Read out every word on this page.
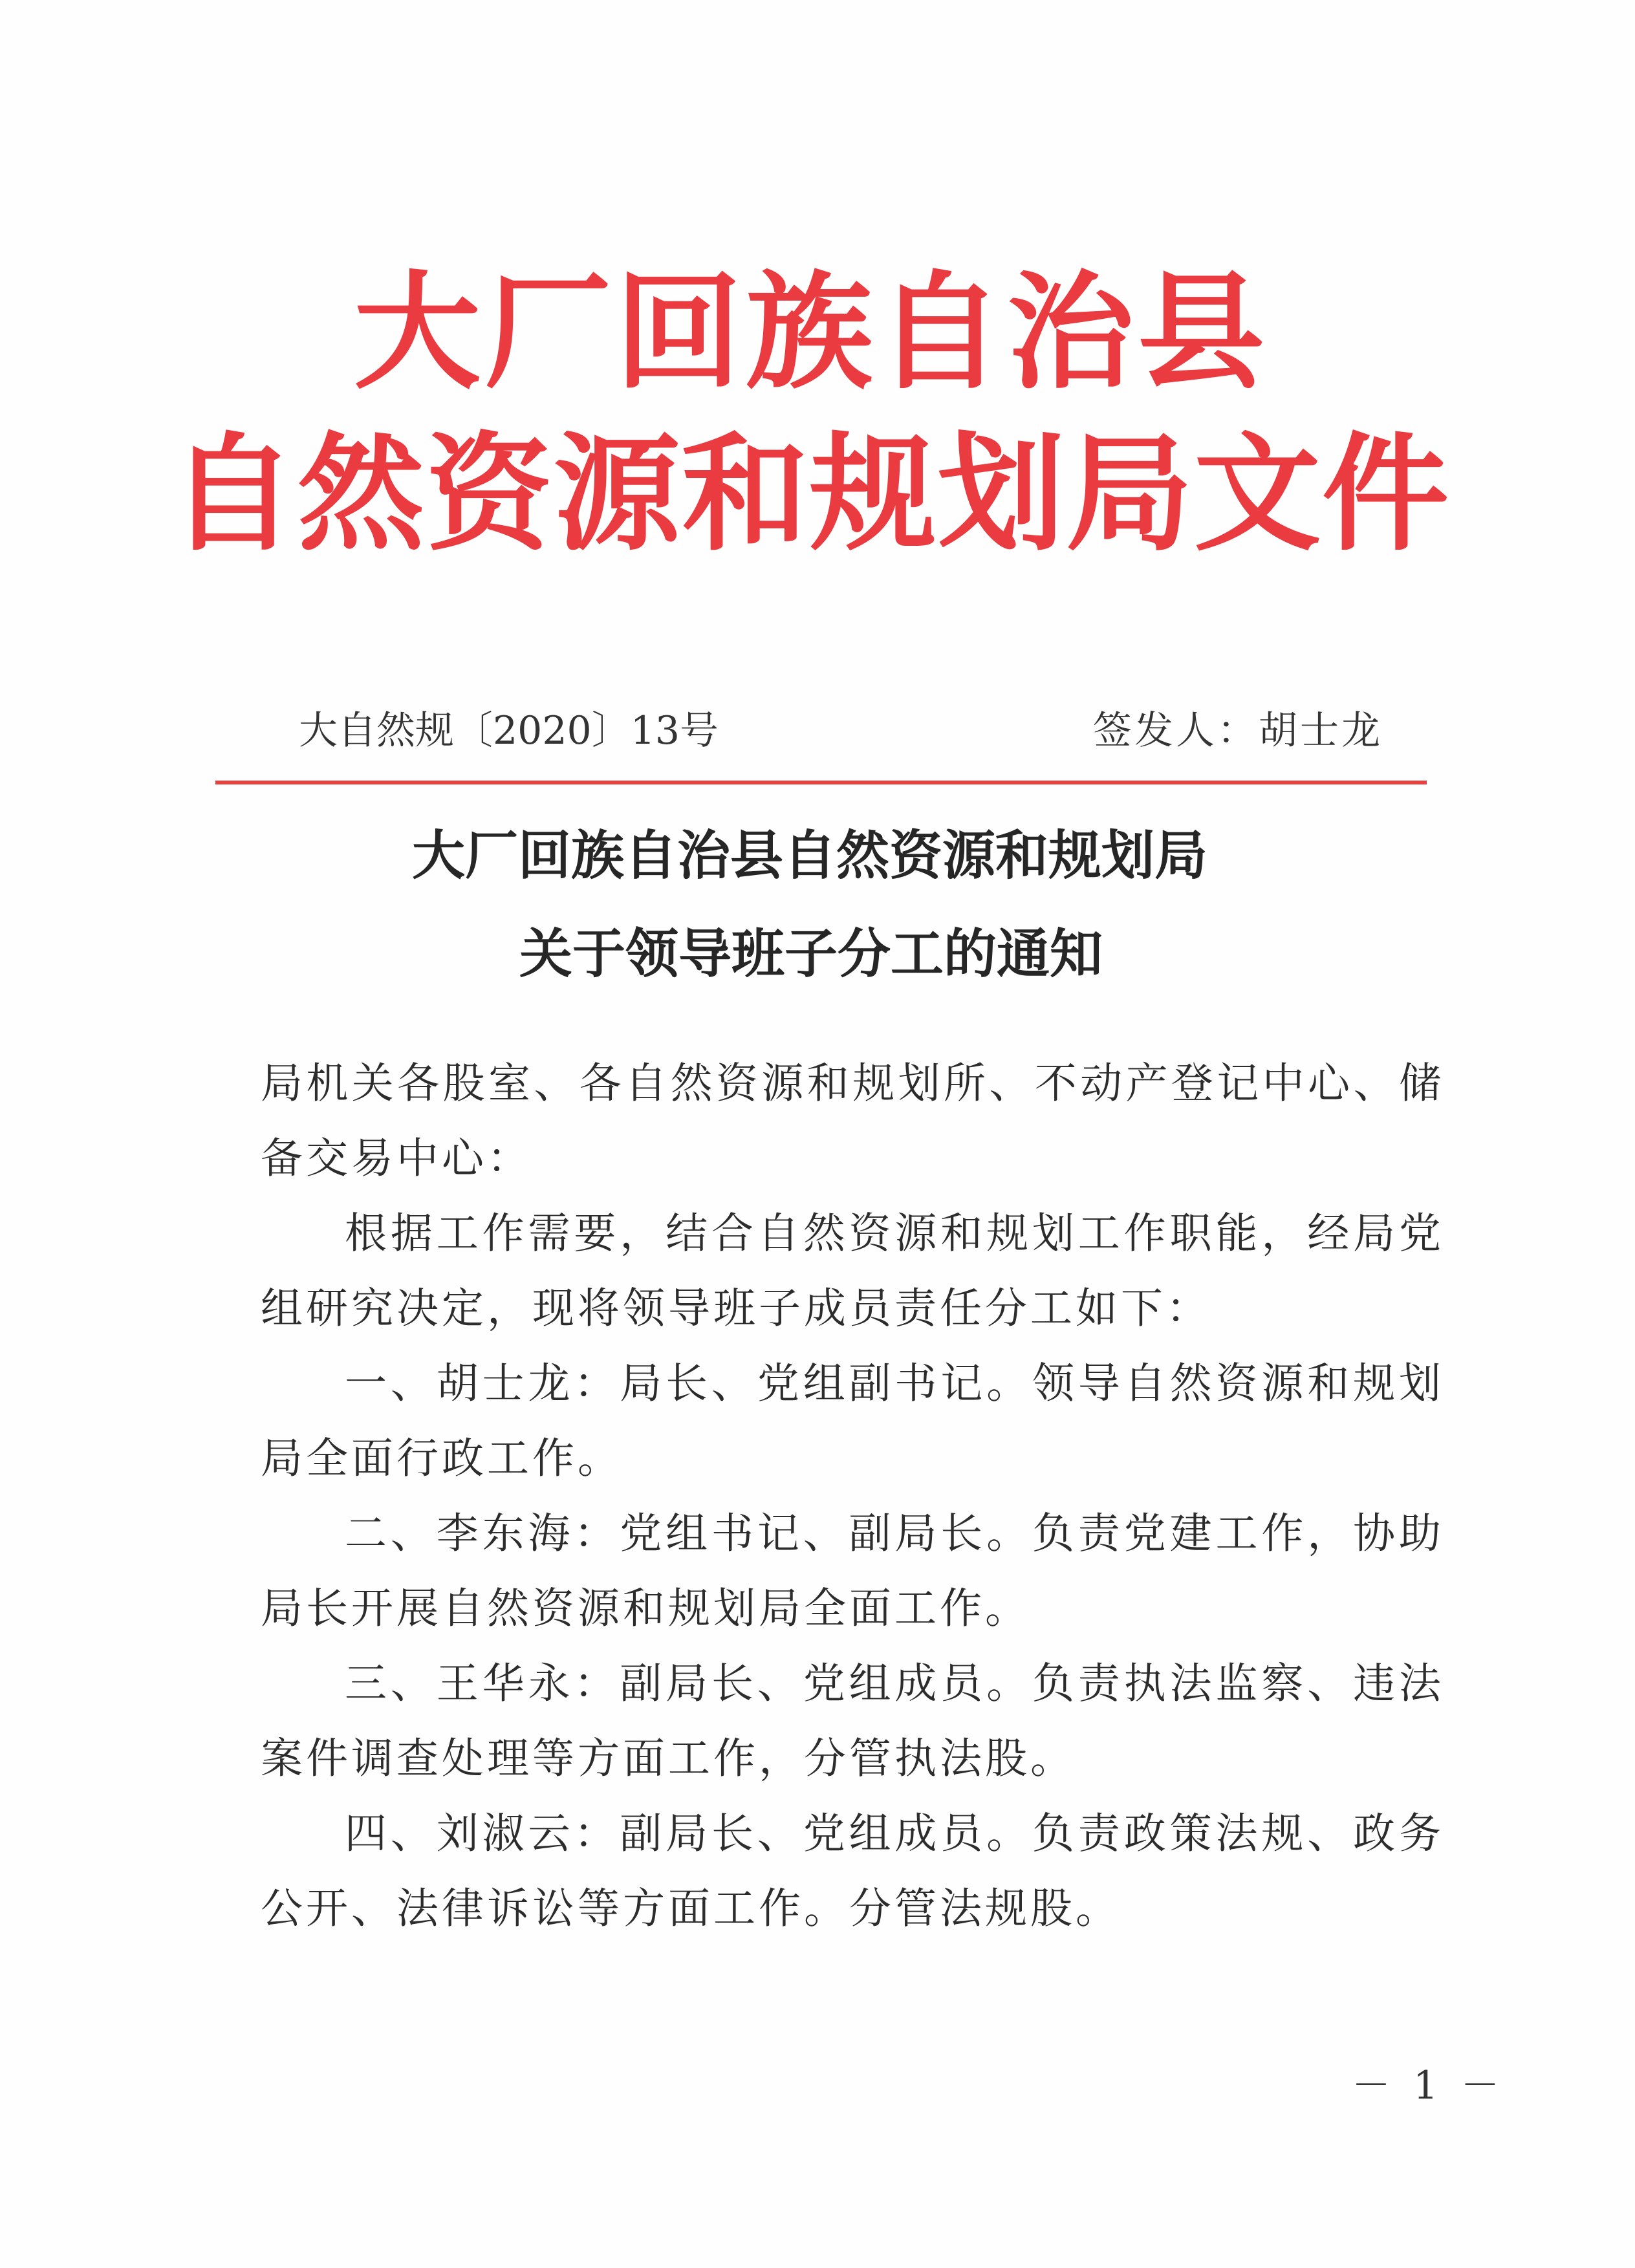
大厂回族自治县
自然资源和规划局文件
大自然规〔2020〕13号	签发人：胡士龙
大厂回族自治县自然资源和规划局
关于领导班子分工的通知

局机关各股室、各自然资源和规划所、不动产登记中心、储备交易中心：

根据工作需要，结合自然资源和规划工作职能，经局党组研究决定，现将领导班子成员责任分工如下：

一、胡士龙：局长、党组副书记。领导自然资源和规划局全面行政工作。

二、李东海：党组书记、副局长。负责党建工作，协助局长开展自然资源和规划局全面工作。

三、王华永：副局长、党组成员。负责执法监察、违法案件调查处理等方面工作，分管执法股。

四、刘淑云：副局长、党组成员。负责政策法规、政务公开、法律诉讼等方面工作。分管法规股。

－ 1 －
